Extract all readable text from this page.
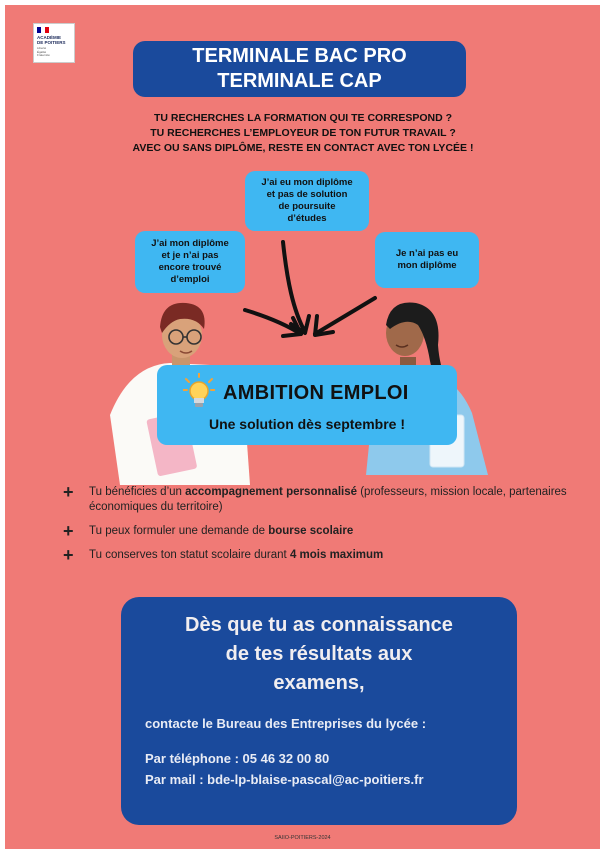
ACADÉMIE
DE POITIERS
Liberté
Égalité
Fraternité	TERMINALE BAC PRO
TERMINALE CAP
TU RECHERCHES LA FORMATION QUI TE CORRESPOND ?
TU RECHERCHES L’EMPLOYEUR DE TON FUTUR TRAVAIL ?
AVEC OU SANS DIPLÔME, RESTE EN CONTACT AVEC TON LYCÉE !
J’ai eu mon diplôme
et pas de solution
de poursuite
d’études
J’ai mon diplôme
et je n’ai pas
encore trouvé
d’emploi
Je n’ai pas eu
mon diplôme
AMBITION EMPLOI
Une solution dès septembre !
+ Tu bénéficies d’un accompagnement personnalisé (professeurs, mission locale, partenaires économiques du territoire)
+ Tu peux formuler une demande de bourse scolaire
+ Tu conserves ton statut scolaire durant 4 mois maximum
Dès que tu as connaissance
de tes résultats aux
examens,
contacte le Bureau des Entreprises du lycée :
Par téléphone : 05 46 32 00 80
Par mail : bde-lp-blaise-pascal@ac-poitiers.fr
SAIIO-POITIERS-2024
